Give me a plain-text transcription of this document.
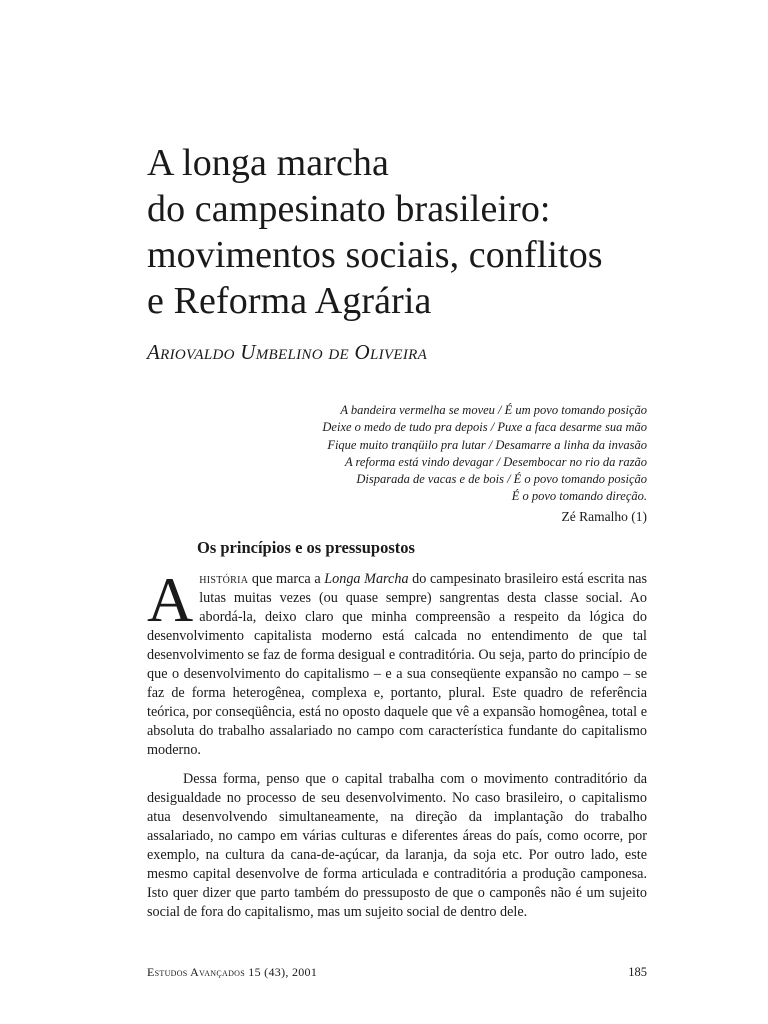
A longa marcha
do campesinato brasileiro:
movimentos sociais, conflitos
e Reforma Agrária
Ariovaldo Umbelino de Oliveira
A bandeira vermelha se moveu / É um povo tomando posição
Deixe o medo de tudo pra depois / Puxe a faca desarme sua mão
Fique muito tranqüilo pra lutar / Desamarre a linha da invasão
A reforma está vindo devagar / Desembocar no rio da razão
Disparada de vacas e de bois / É o povo tomando posição
É o povo tomando direção.
Zé Ramalho (1)
Os princípios e os pressupostos

Ahistória que marca a Longa Marcha do campesinato brasileiro está escrita nas lutas muitas vezes (ou quase sempre) sangrentas desta classe social. Ao abordá-la, deixo claro que minha compreensão a respeito da lógica do desenvolvimento capitalista moderno está calcada no entendimento de que tal desenvolvimento se faz de forma desigual e contraditória. Ou seja, parto do princípio de que o desenvolvimento do capitalismo – e a sua conseqüente expansão no campo – se faz de forma heterogênea, complexa e, portanto, plural. Este quadro de referência teórica, por conseqüência, está no oposto daquele que vê a expansão homogênea, total e absoluta do trabalho assalariado no campo com característica fundante do capitalismo moderno.

Dessa forma, penso que o capital trabalha com o movimento contraditório da desigualdade no processo de seu desenvolvimento. No caso brasileiro, o capitalismo atua desenvolvendo simultaneamente, na direção da implantação do trabalho assalariado, no campo em várias culturas e diferentes áreas do país, como ocorre, por exemplo, na cultura da cana-de-açúcar, da laranja, da soja etc. Por outro lado, este mesmo capital desenvolve de forma articulada e contraditória a produção camponesa. Isto quer dizer que parto também do pressuposto de que o camponês não é um sujeito social de fora do capitalismo, mas um sujeito social de dentro dele.

Estudos Avançados 15 (43), 2001	185
